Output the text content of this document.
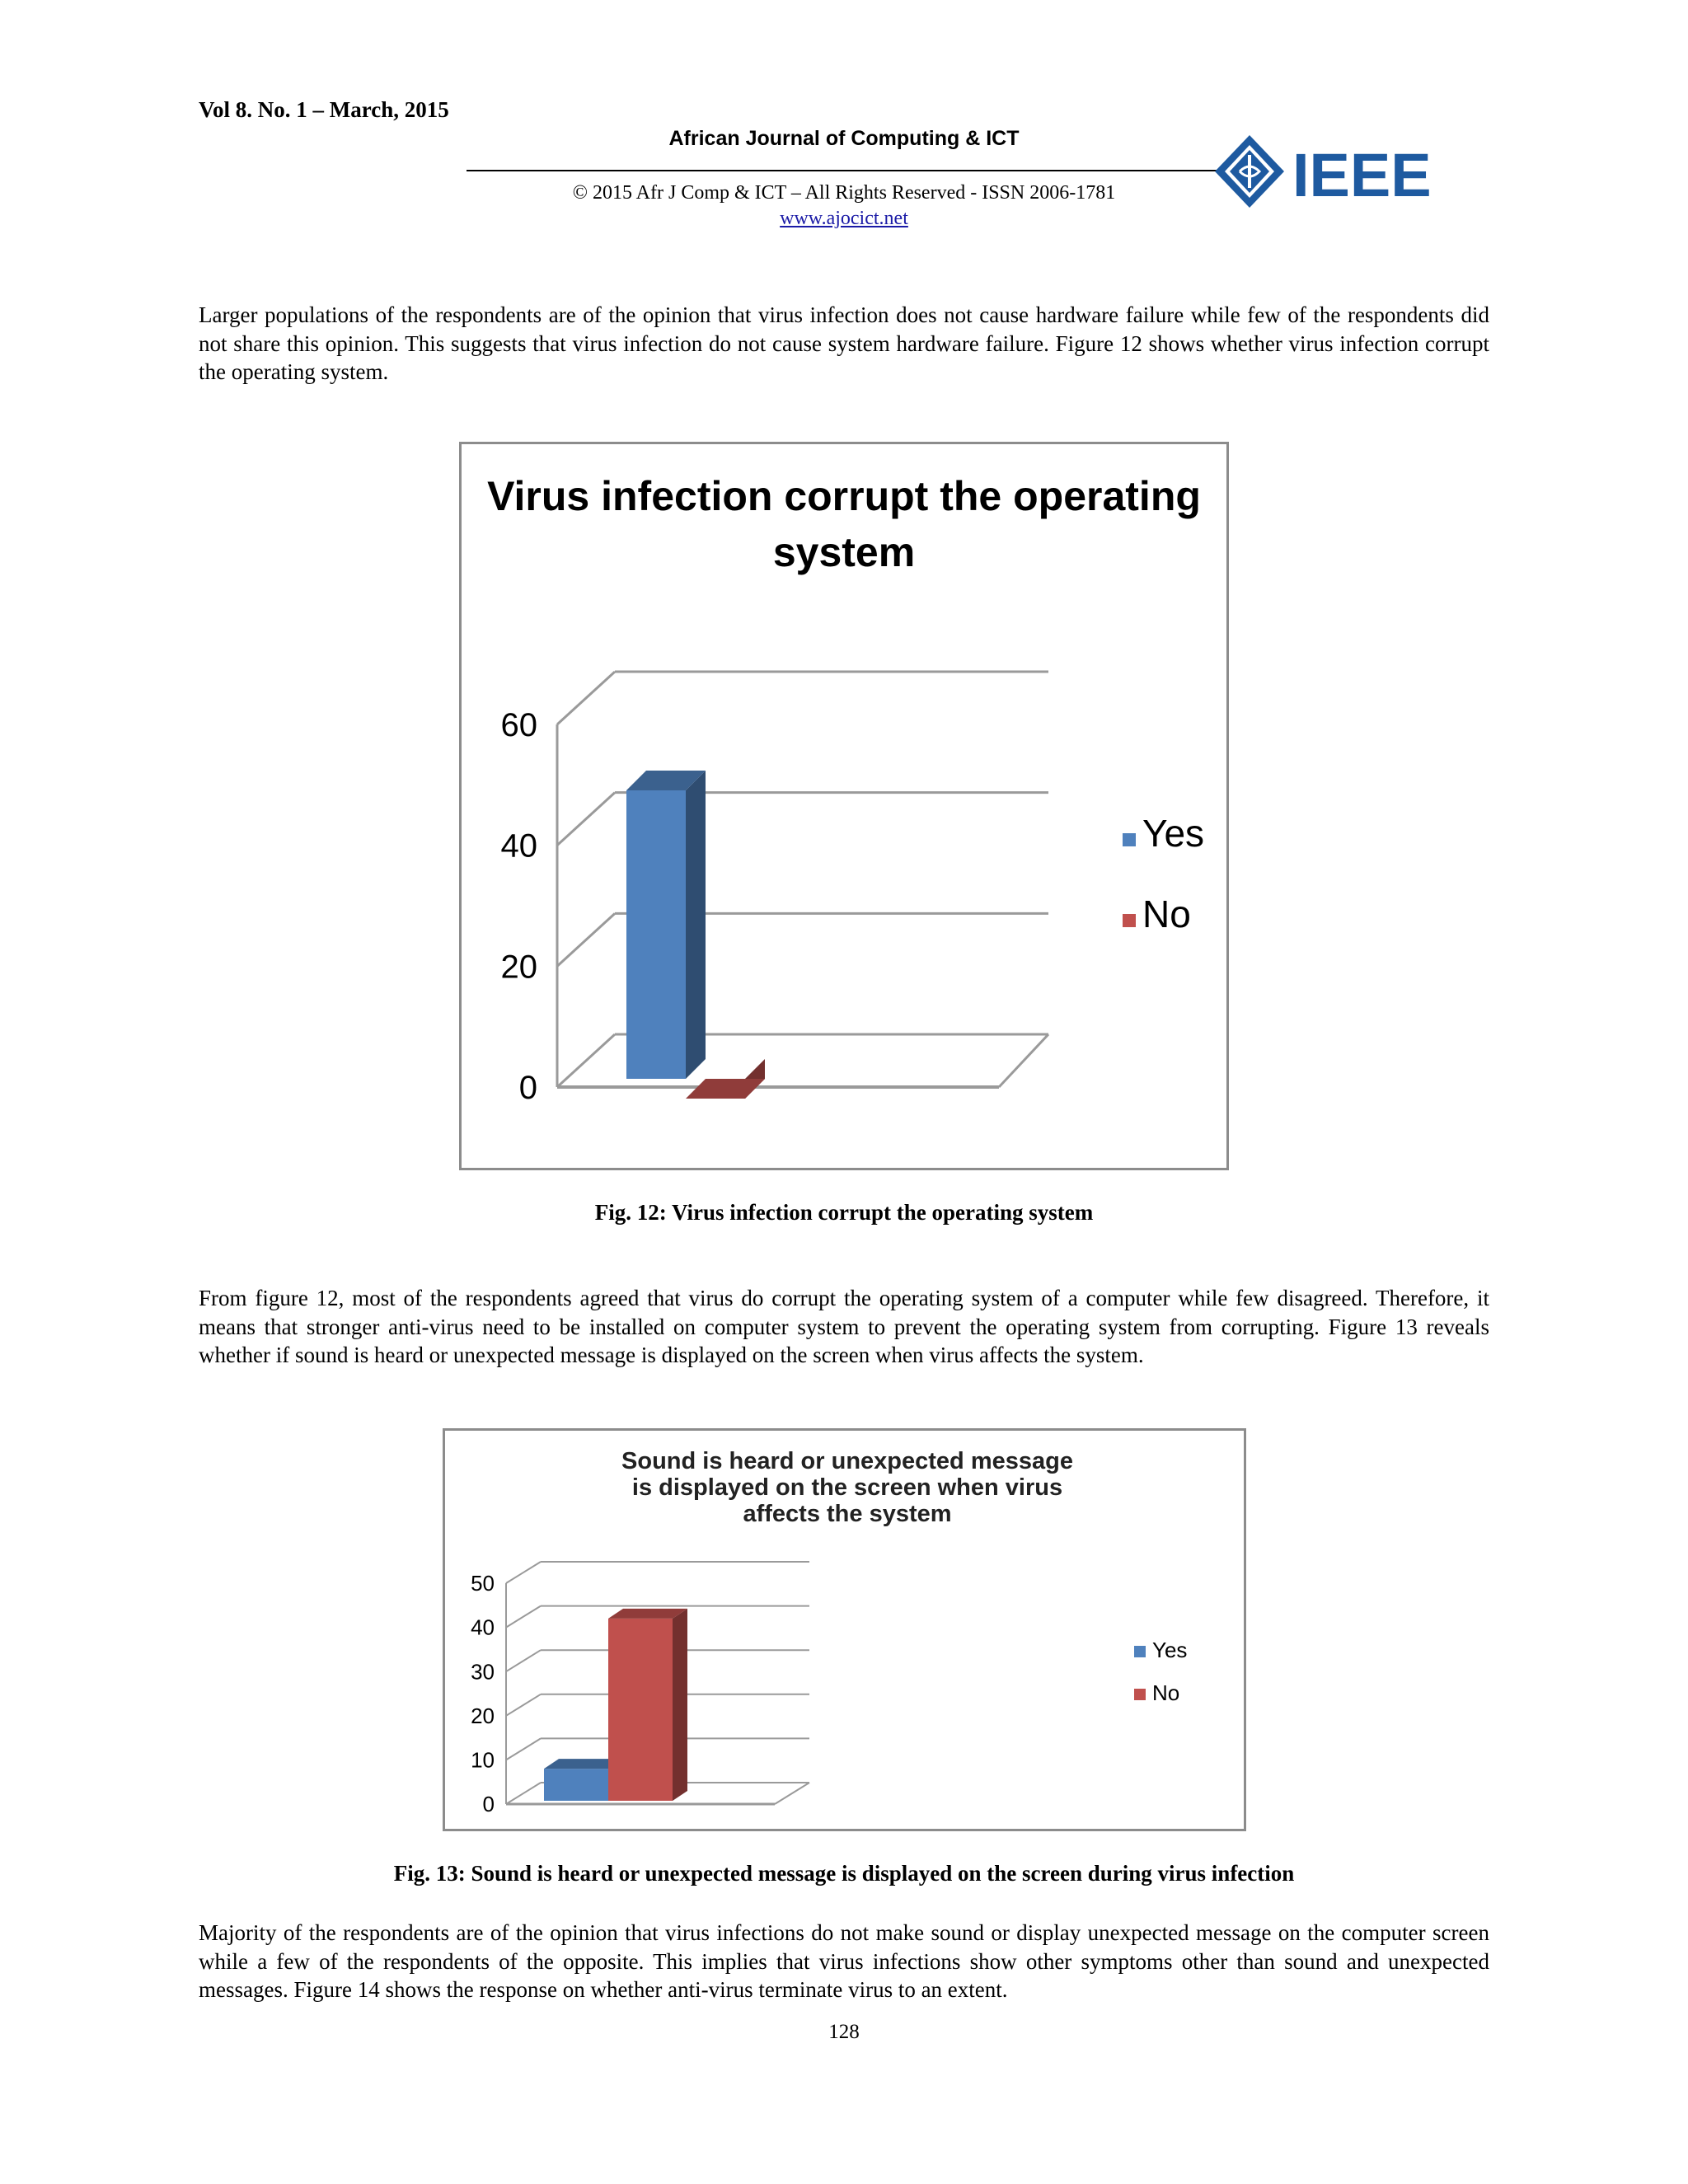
Vol 8. No. 1 – March, 2015
African Journal of Computing & ICT
© 2015 Afr J Comp & ICT – All Rights Reserved - ISSN 2006-1781
www.ajocict.net
IEEE
Larger populations of the respondents are of the opinion that virus infection does not cause hardware failure while few of the respondents did not share this opinion. This suggests that virus infection do not cause system hardware failure. Figure 12 shows whether virus infection corrupt the operating system.
Virus infection corrupt the operating
system
0
20
40
60
Yes
No
Fig. 12: Virus infection corrupt the operating system
From figure 12, most of the respondents agreed that virus do corrupt the operating system of a computer while few disagreed. Therefore, it means that stronger anti-virus need to be installed on computer system to prevent the operating system from corrupting. Figure 13 reveals whether if sound is heard or unexpected message is displayed on the screen when virus affects the system.
Sound is heard or unexpected message
is displayed on the screen when virus
affects the system
0
10
20
30
40
50
Yes
No
Fig. 13: Sound is heard or unexpected message is displayed on the screen during virus infection
Majority of the respondents are of the opinion that virus infections do not make sound or display unexpected message on the computer screen while a few of the respondents of the opposite. This implies that virus infections show other symptoms other than sound and unexpected messages. Figure 14 shows the response on whether anti-virus terminate virus to an extent.
128
